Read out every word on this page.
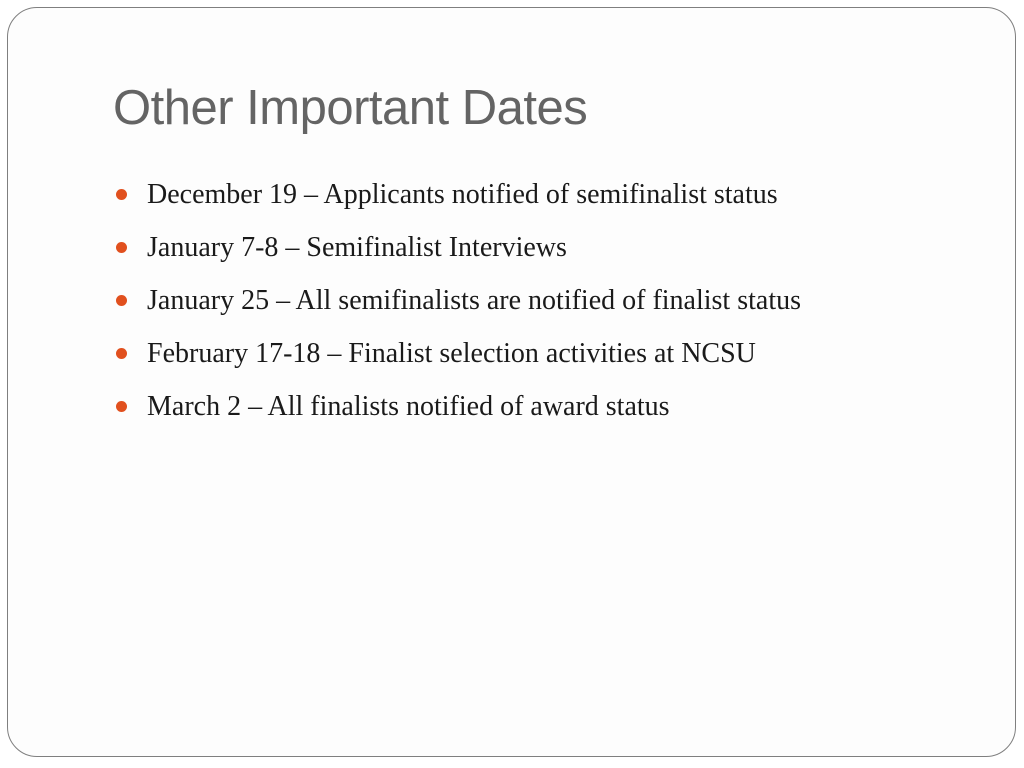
Other Important Dates
December 19 – Applicants notified of semifinalist status
January 7-8 – Semifinalist Interviews
January 25 – All semifinalists are notified of finalist status
February 17-18 – Finalist selection activities at NCSU
March 2 – All finalists notified of award status
